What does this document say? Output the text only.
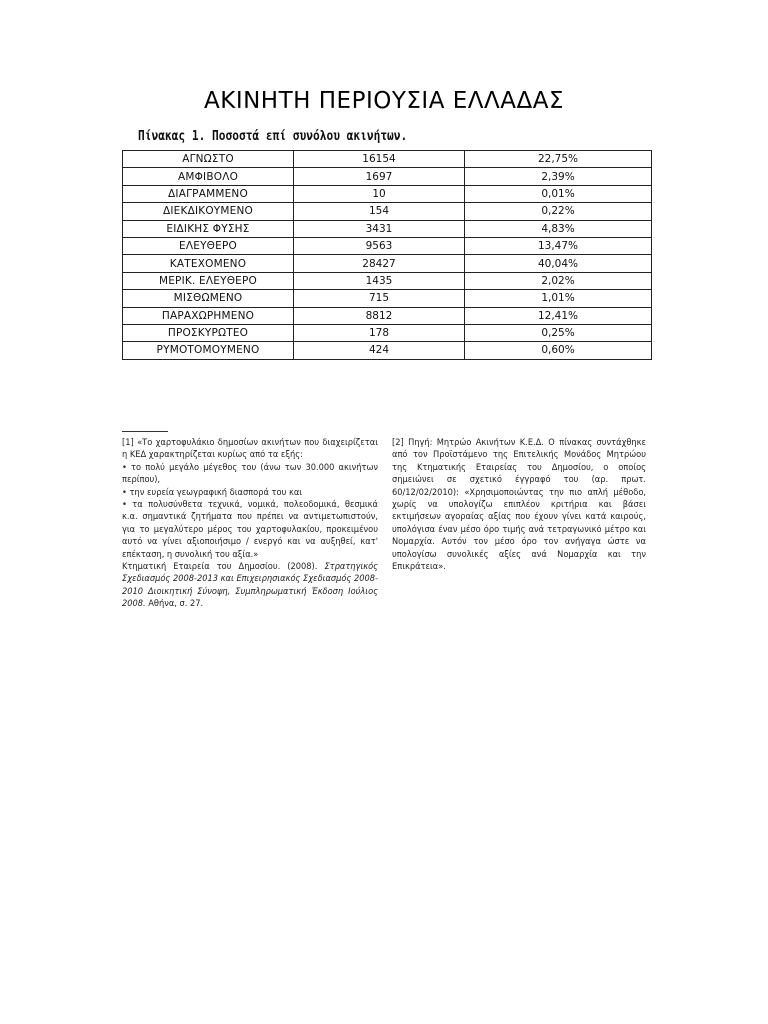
ΑΚΙΝΗΤΗ ΠΕΡΙΟΥΣΙΑ ΕΛΛΑΔΑΣ
Πίνακας 1. Ποσοστά επί συνόλου ακινήτων.
ΑΓΝΩΣΤΟ	16154	22,75%
ΑΜΦΙΒΟΛΟ	1697	2,39%
ΔΙΑΓΡΑΜΜΕΝΟ	10	0,01%
ΔΙΕΚΔΙΚΟΥΜΕΝΟ	154	0,22%
ΕΙΔΙΚΗΣ ΦΥΣΗΣ	3431	4,83%
ΕΛΕΥΘΕΡΟ	9563	13,47%
ΚΑΤΕΧΟΜΕΝΟ	28427	40,04%
ΜΕΡΙΚ. ΕΛΕΥΘΕΡΟ	1435	2,02%
ΜΙΣΘΩΜΕΝΟ	715	1,01%
ΠΑΡΑΧΩΡΗΜΕΝΟ	8812	12,41%
ΠΡΟΣΚΥΡΩΤΕΟ	178	0,25%
ΡΥΜΟΤΟΜΟΥΜΕΝΟ	424	0,60%
[1] «Το χαρτοφυλάκιο δημοσίων ακινήτων που διαχειρίζεται η ΚΕΔ χαρακτηρίζεται κυρίως από τα εξής:
• το πολύ μεγάλο μέγεθος του (άνω των 30.000 ακινήτων περίπου),
• την ευρεία γεωγραφική διασπορά του και
• τα πολυσύνθετα τεχνικά, νομικά, πολεοδομικά, θεσμικά κ.α. σημαντικά ζητήματα που πρέπει να αντιμετωπιστούν, για το μεγαλύτερο μέρος του χαρτοφυλακίου, προκειμένου αυτό να γίνει αξιοποιήσιμο / ενεργό και να αυξηθεί, κατ' επέκταση, η συνολική του αξία.»
Κτηματική Εταιρεία του Δημοσίου. (2008). Στρατηγικός Σχεδιασμός 2008-2013 και Επιχειρησιακός Σχεδιασμός 2008-2010 Διοικητική Σύνοψη, Συμπληρωματική Έκδοση Ιούλιος 2008. Αθήνα, σ. 27.
[2] Πηγή: Μητρώο Ακινήτων Κ.Ε.Δ. Ο πίνακας συντάχθηκε από τον Προϊστάμενο της Επιτελικής Μονάδος Μητρώου της Κτηματικής Εταιρείας του Δημοσίου, ο οποίος σημειώνει σε σχετικό έγγραφό του (αρ. πρωτ. 60/12/02/2010): «Χρησιμοποιώντας την πιο απλή μέθοδο, χωρίς να υπολογίζω επιπλέον κριτήρια και βάσει εκτιμήσεων αγοραίας αξίας που έχουν γίνει κατά καιρούς, υπολόγισα έναν μέσο όρο τιμής ανά τετραγωνικό μέτρο και Νομαρχία. Αυτόν τον μέσο όρο τον ανήγαγα ώστε να υπολογίσω συνολικές αξίες ανά Νομαρχία και την Επικράτεια».
